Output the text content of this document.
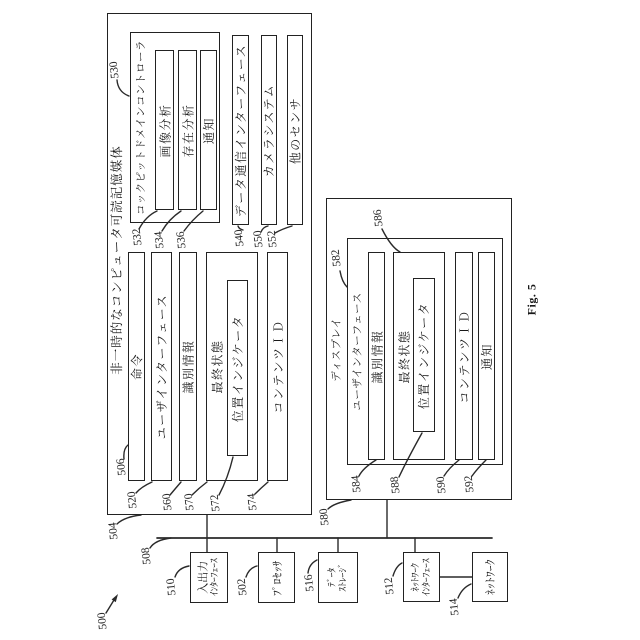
非一時的なコンピュータ可読記憶媒体
コックピットドメインコントローラ 画像分析 存在分析 通知 データ通信インターフェース カメラシステム 他のセンサ
命令 ユーザインターフェース 識別情報 最終状態 位置インジケータ コンテンツＩＤ	ディスプレイ ユーザインターフェース 識別情報 最終状態 位置インジケータ コンテンツＩＤ 通知
入出力 ｲﾝﾀｰﾌｪｰｽ	ﾌﾟﾛｾｯｻ	ﾃﾞｰﾀ ｽﾄﾚｰｼﾞ	ﾈｯﾄﾜｰｸ ｲﾝﾀｰﾌｪｰｽ	ﾈｯﾄﾜｰｸ
530
532 534 536	540 550 552
506
520 560 570 572 574
504
508
500
580
582
586
584 588	590 592
510	502	516	512
514
Fig. 5
